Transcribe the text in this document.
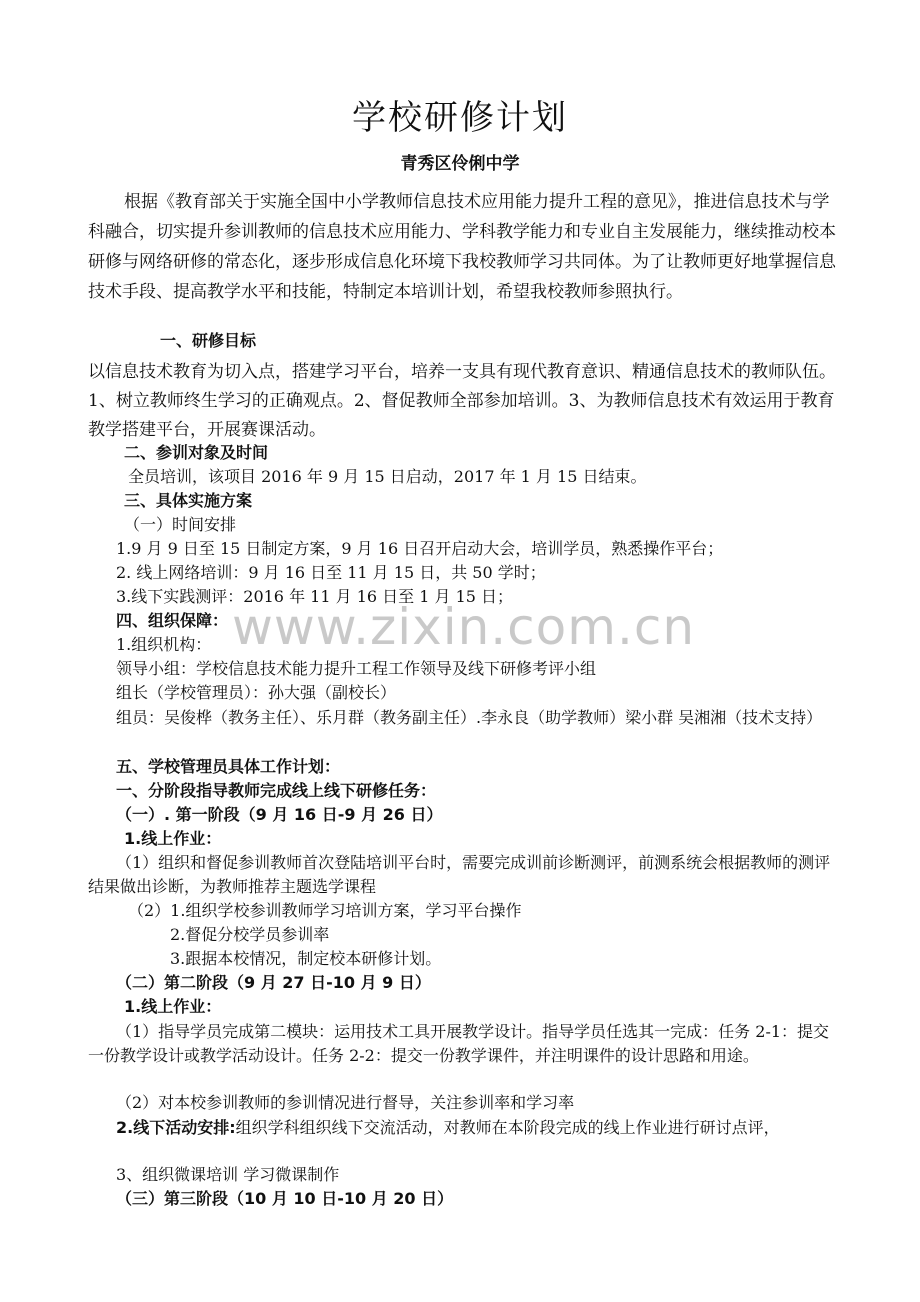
www.zixin.com.cn
学校研修计划
青秀区伶俐中学

根据《教育部关于实施全国中小学教师信息技术应用能力提升工程的意见》，推进信息技术与学科融合，切实提升参训教师的信息技术应用能力、学科教学能力和专业自主发展能力，继续推动校本研修与网络研修的常态化，逐步形成信息化环境下我校教师学习共同体。为了让教师更好地掌握信息技术手段、提高教学水平和技能，特制定本培训计划，希望我校教师参照执行。

一、研修目标

以信息技术教育为切入点，搭建学习平台，培养一支具有现代教育意识、精通信息技术的教师队伍。1、树立教师终生学习的正确观点。2、督促教师全部参加培训。3、为教师信息技术有效运用于教育教学搭建平台，开展赛课活动。

二、参训对象及时间
全员培训，该项目 2016 年 9 月 15 日启动，2017 年 1 月 15 日结束。
三、具体实施方案
（一）时间安排
1.9 月 9 日至 15 日制定方案，9 月 16 日召开启动大会，培训学员，熟悉操作平台；
2. 线上网络培训：9 月 16 日至 11 月 15 日，共 50 学时；
3.线下实践测评：2016 年 11 月 16 日至 1 月 15 日；
四、组织保障：
1.组织机构：
领导小组：学校信息技术能力提升工程工作领导及线下研修考评小组
组长（学校管理员）：孙大强（副校长）

组员：吴俊桦（教务主任）、乐月群（教务副主任）.李永良（助学教师）梁小群 吴湘湘（技术支持）

五、学校管理员具体工作计划：
一、分阶段指导教师完成线上线下研修任务：
（一）. 第一阶段（9 月 16 日-9 月 26 日）
1.线上作业：

（1）组织和督促参训教师首次登陆培训平台时，需要完成训前诊断测评，前测系统会根据教师的测评结果做出诊断，为教师推荐主题选学课程

（2）1.组织学校参训教师学习培训方案，学习平台操作
2.督促分校学员参训率
3.跟据本校情况，制定校本研修计划。
（二）第二阶段（9 月 27 日-10 月 9 日）
1.线上作业：

（1）指导学员完成第二模块：运用技术工具开展教学设计。指导学员任选其一完成：任务 2-1：提交一份教学设计或教学活动设计。任务 2-2：提交一份教学课件，并注明课件的设计思路和用途。

（2）对本校参训教师的参训情况进行督导，关注参训率和学习率

2.线下活动安排:组织学科组织线下交流活动，对教师在本阶段完成的线上作业进行研讨点评，

3、组织微课培训 学习微课制作
（三）第三阶段（10 月 10 日-10 月 20 日）
